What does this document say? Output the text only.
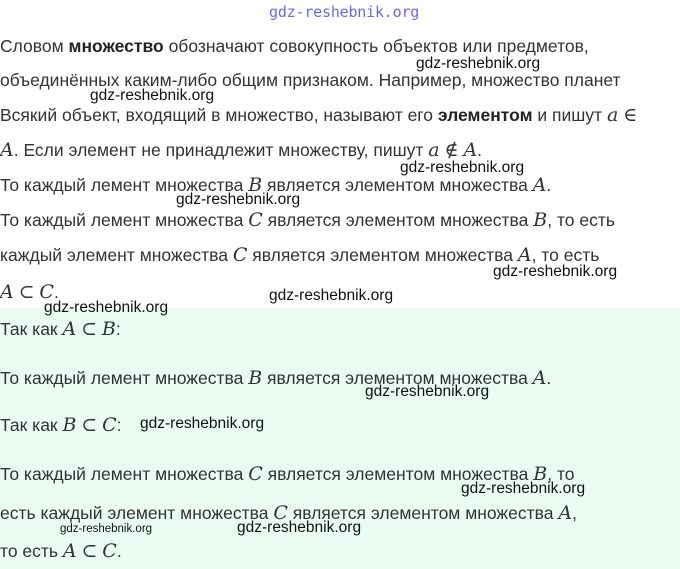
gdz-reshebnik.org
Словом множество обозначают совокупность объектов или предметов,
объединённых каким-либо общим признаком. Например, множество планет
Всякий объект, входящий в множество, называют его элементом и пишут a ∈
A. Если элемент не принадлежит множеству, пишут a ∉ A.
То каждый лемент множества B является элементом множества A.
То каждый лемент множества C является элементом множества B, то есть
каждый элемент множества C является элементом множества A, то есть
A ⊂ C.
Так как A ⊂ B:
То каждый лемент множества B является элементом множества A.
Так как B ⊂ C:
То каждый лемент множества C является элементом множества B, то
есть каждый элемент множества C является элементом множества A,
то есть A ⊂ C.
gdz-reshebnik.org
gdz-reshebnik.org
gdz-reshebnik.org
gdz-reshebnik.org
gdz-reshebnik.org
gdz-reshebnik.org
gdz-reshebnik.org
gdz-reshebnik.org
gdz-reshebnik.org
gdz-reshebnik.org
gdz-reshebnik.org	gdz-reshebnik.org
